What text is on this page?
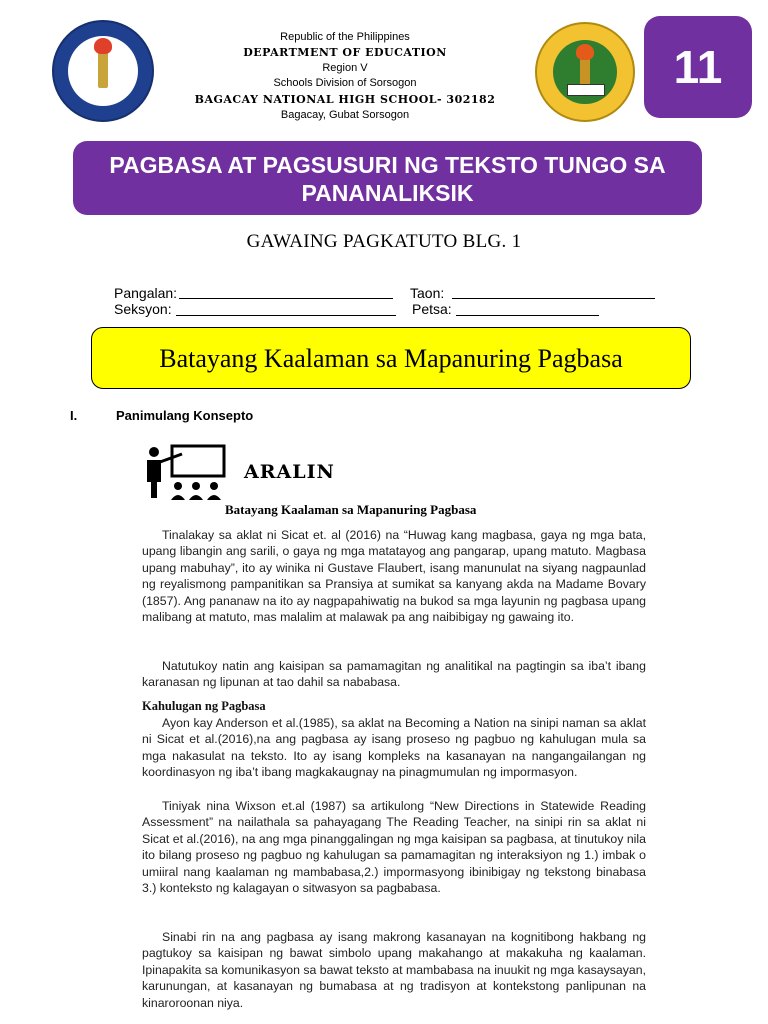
Republic of the Philippines
DEPARTMENT OF EDUCATION
Region V
Schools Division of Sorsogon
BAGACAY NATIONAL HIGH SCHOOL- 302182
Bagacay, Gubat Sorsogon
11
PAGBASA AT PAGSUSURI NG TEKSTO TUNGO SA PANANALIKSIK
GAWAING PAGKATUTO BLG. 1
Pangalan:	Taon:
Seksyon:	Petsa:
Batayang Kaalaman sa Mapanuring Pagbasa
I.	Panimulang Konsepto
ARALIN
Batayang Kaalaman sa Mapanuring Pagbasa
Tinalakay sa aklat ni Sicat et. al (2016) na “Huwag kang magbasa, gaya ng mga bata, upang libangin ang sarili, o gaya ng mga matatayog ang pangarap, upang matuto. Magbasa upang mabuhay”, ito ay winika ni Gustave Flaubert, isang manunulat na siyang nagpaunlad ng reyalismong pampanitikan sa Pransiya at sumikat sa kanyang akda na Madame Bovary (1857). Ang pananaw na ito ay nagpapahiwatig na bukod sa mga layunin ng pagbasa upang malibang at matuto, mas malalim at malawak pa ang naibibigay ng gawaing ito.
Natutukoy natin ang kaisipan sa pamamagitan ng analitikal na pagtingin sa iba’t ibang karanasan ng lipunan at tao dahil sa nababasa.
Kahulugan ng Pagbasa
Ayon kay Anderson et al.(1985), sa aklat na Becoming a Nation na sinipi naman sa aklat ni Sicat et al.(2016),na ang pagbasa ay isang proseso ng pagbuo ng kahulugan mula sa mga nakasulat na teksto. Ito ay isang kompleks na kasanayan na nangangailangan ng koordinasyon ng iba’t ibang magkakaugnay na pinagmumulan ng impormasyon.
Tiniyak nina Wixson et.al (1987) sa artikulong “New Directions in Statewide Reading Assessment” na nailathala sa pahayagang The Reading Teacher, na sinipi rin sa aklat ni Sicat et al.(2016), na ang mga pinanggalingan ng mga kaisipan sa pagbasa, at tinutukoy nila ito bilang proseso ng pagbuo ng kahulugan sa pamamagitan ng interaksiyon ng 1.) imbak o umiiral nang kaalaman ng mambabasa,2.) impormasyong ibinibigay ng tekstong binabasa 3.) konteksto ng kalagayan o sitwasyon sa pagbabasa.
Sinabi rin na ang pagbasa ay isang makrong kasanayan na kognitibong hakbang ng pagtukoy sa kaisipan ng bawat simbolo upang makahango at makakuha ng kaalaman. Ipinapakita sa komunikasyon sa bawat teksto at mambabasa na inuukit ng mga kasaysayan, karunungan, at kasanayan ng bumabasa at ng tradisyon at kontekstong panlipunan na kinaroroonan niya.
